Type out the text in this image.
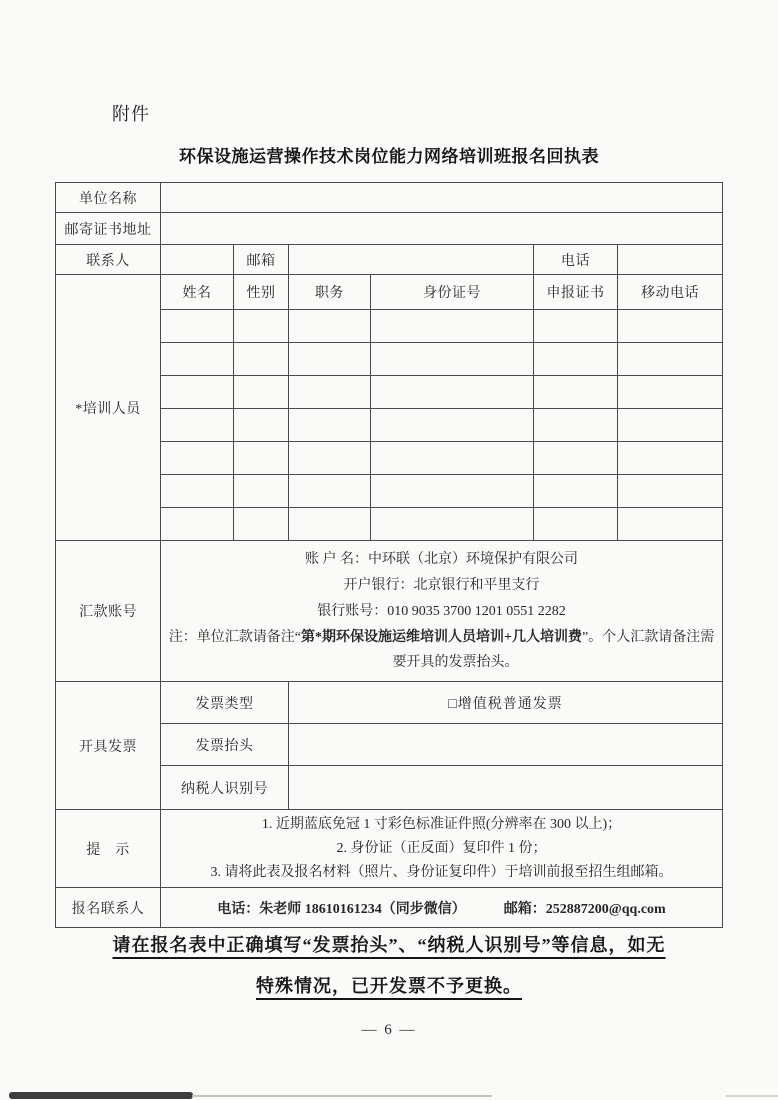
附件
环保设施运营操作技术岗位能力网络培训班报名回执表
单位名称						
邮寄证书地址						
联系人		邮箱			电话	
*培训人员	姓名	性别	职务	身份证号	申报证书	移动电话

汇款账号	账 户 名：中环联（北京）环境保护有限公司
开户银行：北京银行和平里支行
银行账号：010 9035 3700 1201 0551 2282
注：单位汇款请备注“第*期环保设施运维培训人员培训+几人培训费”。个人汇款请备注需要开具的发票抬头。					

开具发票	发票类型		□增值税普通发票			
	发票抬头					
	纳税人识别号					
提　示	1. 近期蓝底免冠 1 寸彩色标准证件照(分辨率在 300 以上)；
2. 身份证（正反面）复印件 1 份；
3. 请将此表及报名材料（照片、身份证复印件）于培训前报至招生组邮箱。					

报名联系人	电话：朱老师 18610161234（同步微信） 邮箱：252887200@qq.com					
请在报名表中正确填写“发票抬头”、“纳税人识别号”等信息，如无
特殊情况，已开发票不予更换。
— 6 —
